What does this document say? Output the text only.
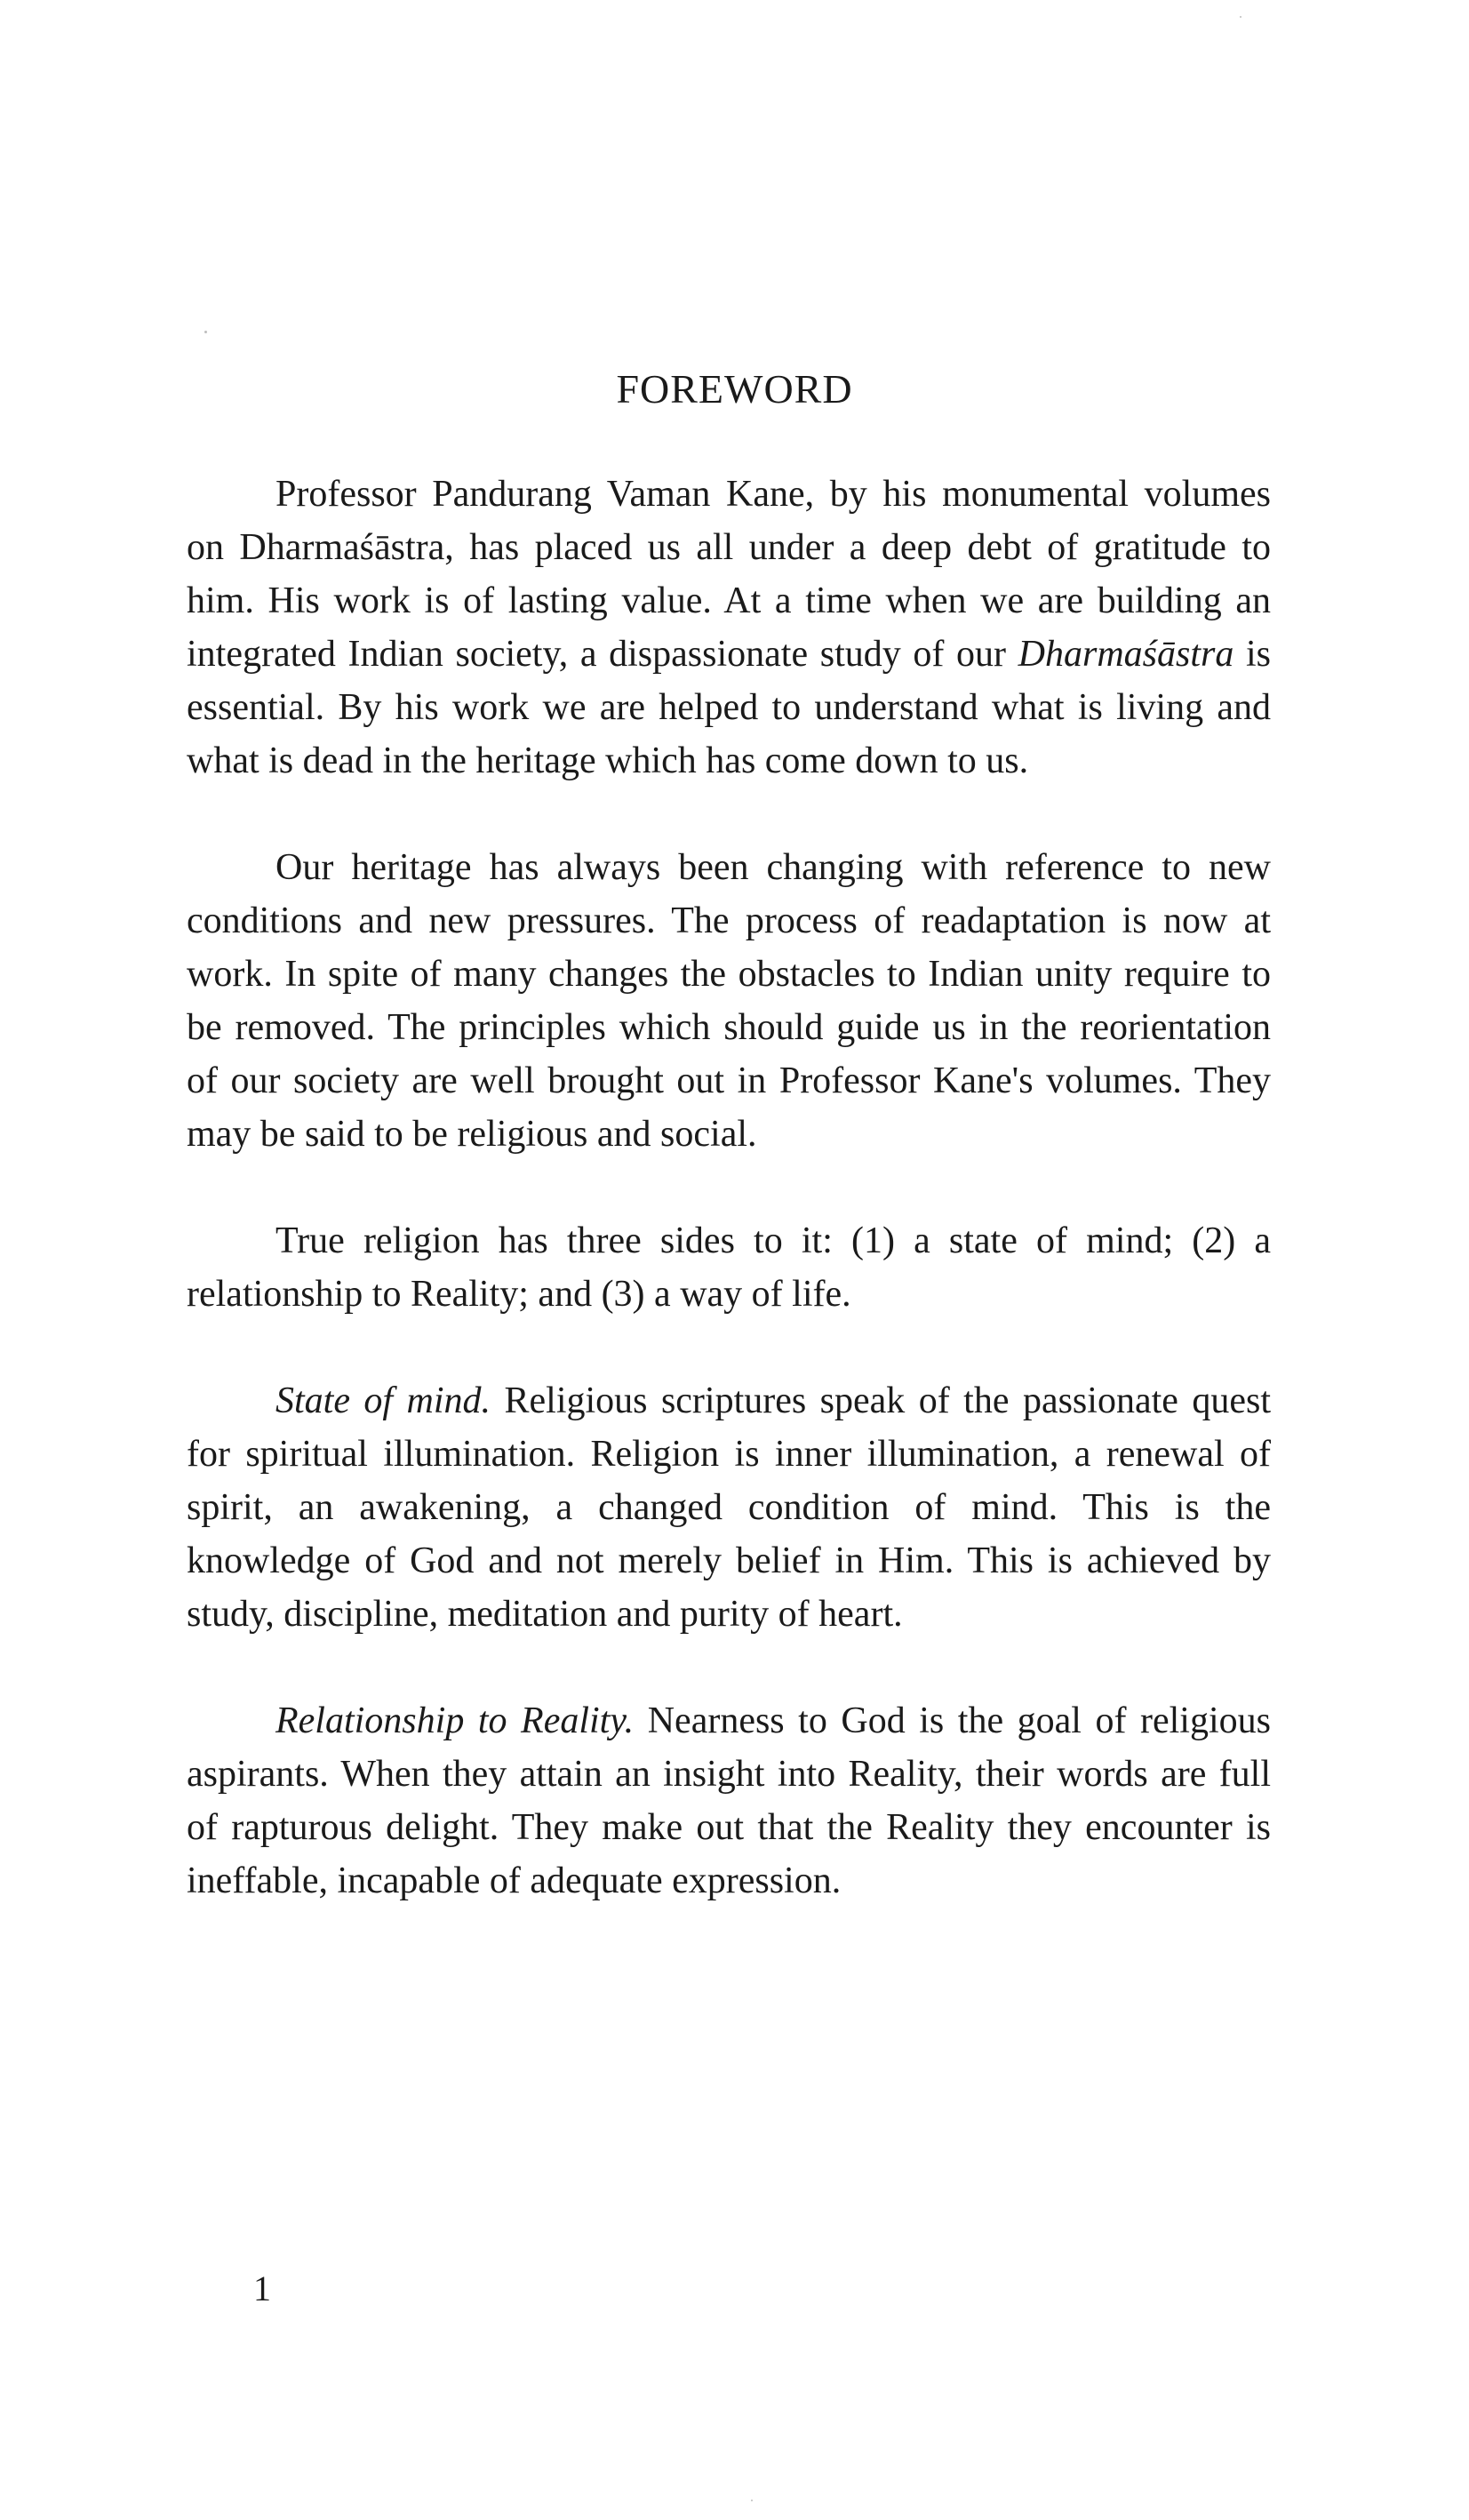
FOREWORD

Professor Pandurang Vaman Kane, by his monumental volumes on Dharmaśāstra, has placed us all under a deep debt of gratitude to him. His work is of lasting value. At a time when we are building an integrated Indian society, a dispassionate study of our Dharmaśāstra is essential. By his work we are helped to understand what is living and what is dead in the heritage which has come down to us.

Our heritage has always been changing with reference to new conditions and new pressures. The process of readaptation is now at work. In spite of many changes the obstacles to Indian unity require to be removed. The principles which should guide us in the reorientation of our society are well brought out in Professor Kane's volumes. They may be said to be religious and social.

True religion has three sides to it: (1) a state of mind; (2) a relationship to Reality; and (3) a way of life.

State of mind. Religious scriptures speak of the passionate quest for spiritual illumination. Religion is inner illumination, a renewal of spirit, an awakening, a changed condition of mind. This is the knowledge of God and not merely belief in Him. This is achieved by study, discipline, meditation and purity of heart.

Relationship to Reality. Nearness to God is the goal of religious aspirants. When they attain an insight into Reality, their words are full of rapturous delight. They make out that the Reality they encounter is ineffable, incapable of adequate expression.

1
